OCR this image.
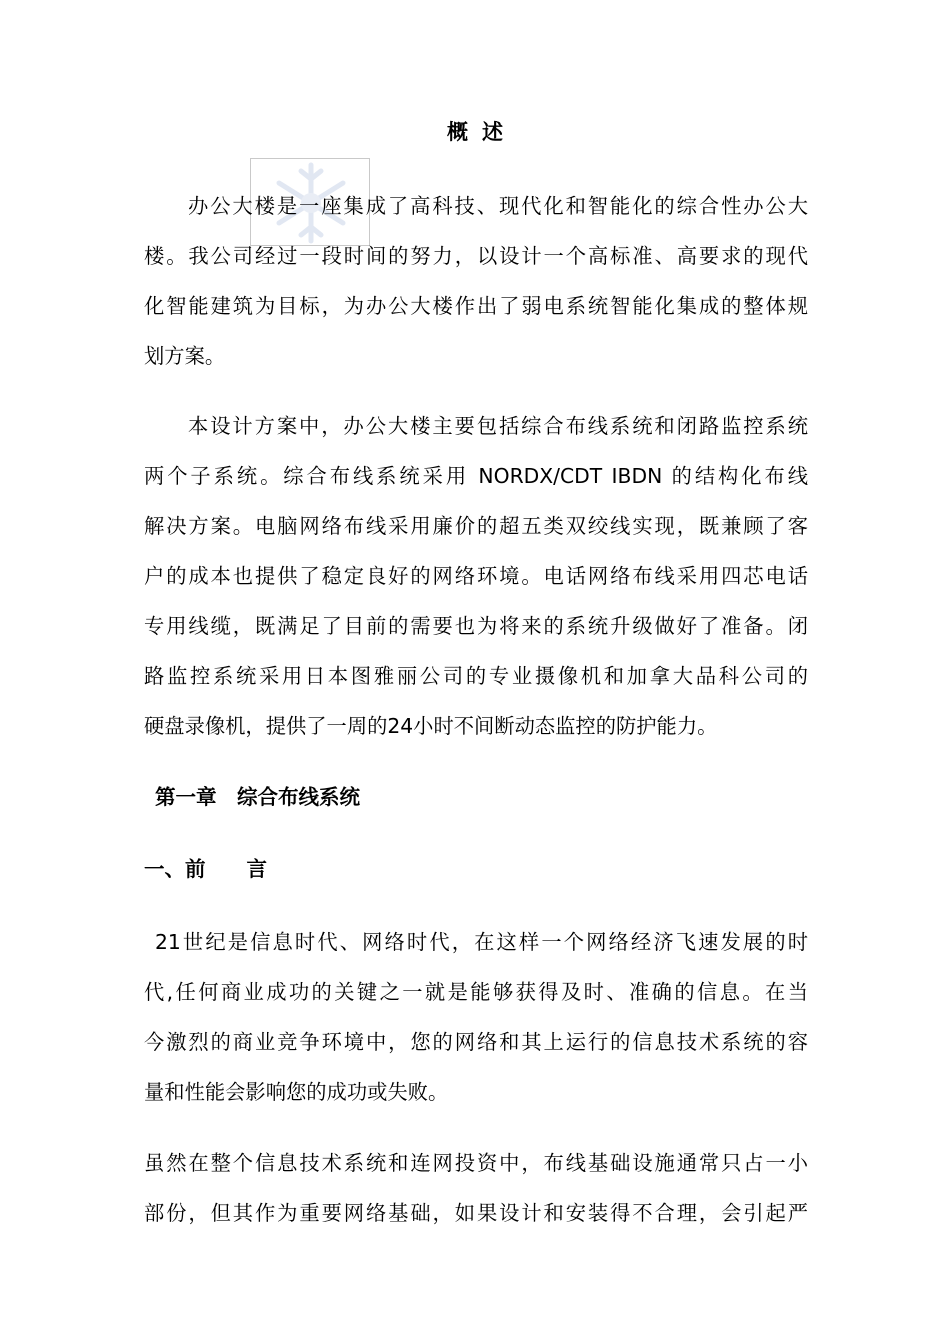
概述
办公大楼是一座集成了高科技、现代化和智能化的综合性办公大
楼。我公司经过一段时间的努力，以设计一个高标准、高要求的现代
化智能建筑为目标，为办公大楼作出了弱电系统智能化集成的整体规
划方案。
本设计方案中，办公大楼主要包括综合布线系统和闭路监控系统
两个子系统。综合布线系统采用 NORDX/CDT IBDN 的结构化布线
解决方案。电脑网络布线采用廉价的超五类双绞线实现，既兼顾了客
户的成本也提供了稳定良好的网络环境。电话网络布线采用四芯电话
专用线缆，既满足了目前的需要也为将来的系统升级做好了准备。闭
路监控系统采用日本图雅丽公司的专业摄像机和加拿大品科公司的
硬盘录像机，提供了一周的24小时不间断动态监控的防护能力。
第一章　综合布线系统
一、前　　言
21世纪是信息时代、网络时代，在这样一个网络经济飞速发展的时
代,任何商业成功的关键之一就是能够获得及时、准确的信息。在当
今激烈的商业竞争环境中，您的网络和其上运行的信息技术系统的容
量和性能会影响您的成功或失败。
虽然在整个信息技术系统和连网投资中，布线基础设施通常只占一小
部份，但其作为重要网络基础，如果设计和安装得不合理，会引起严
